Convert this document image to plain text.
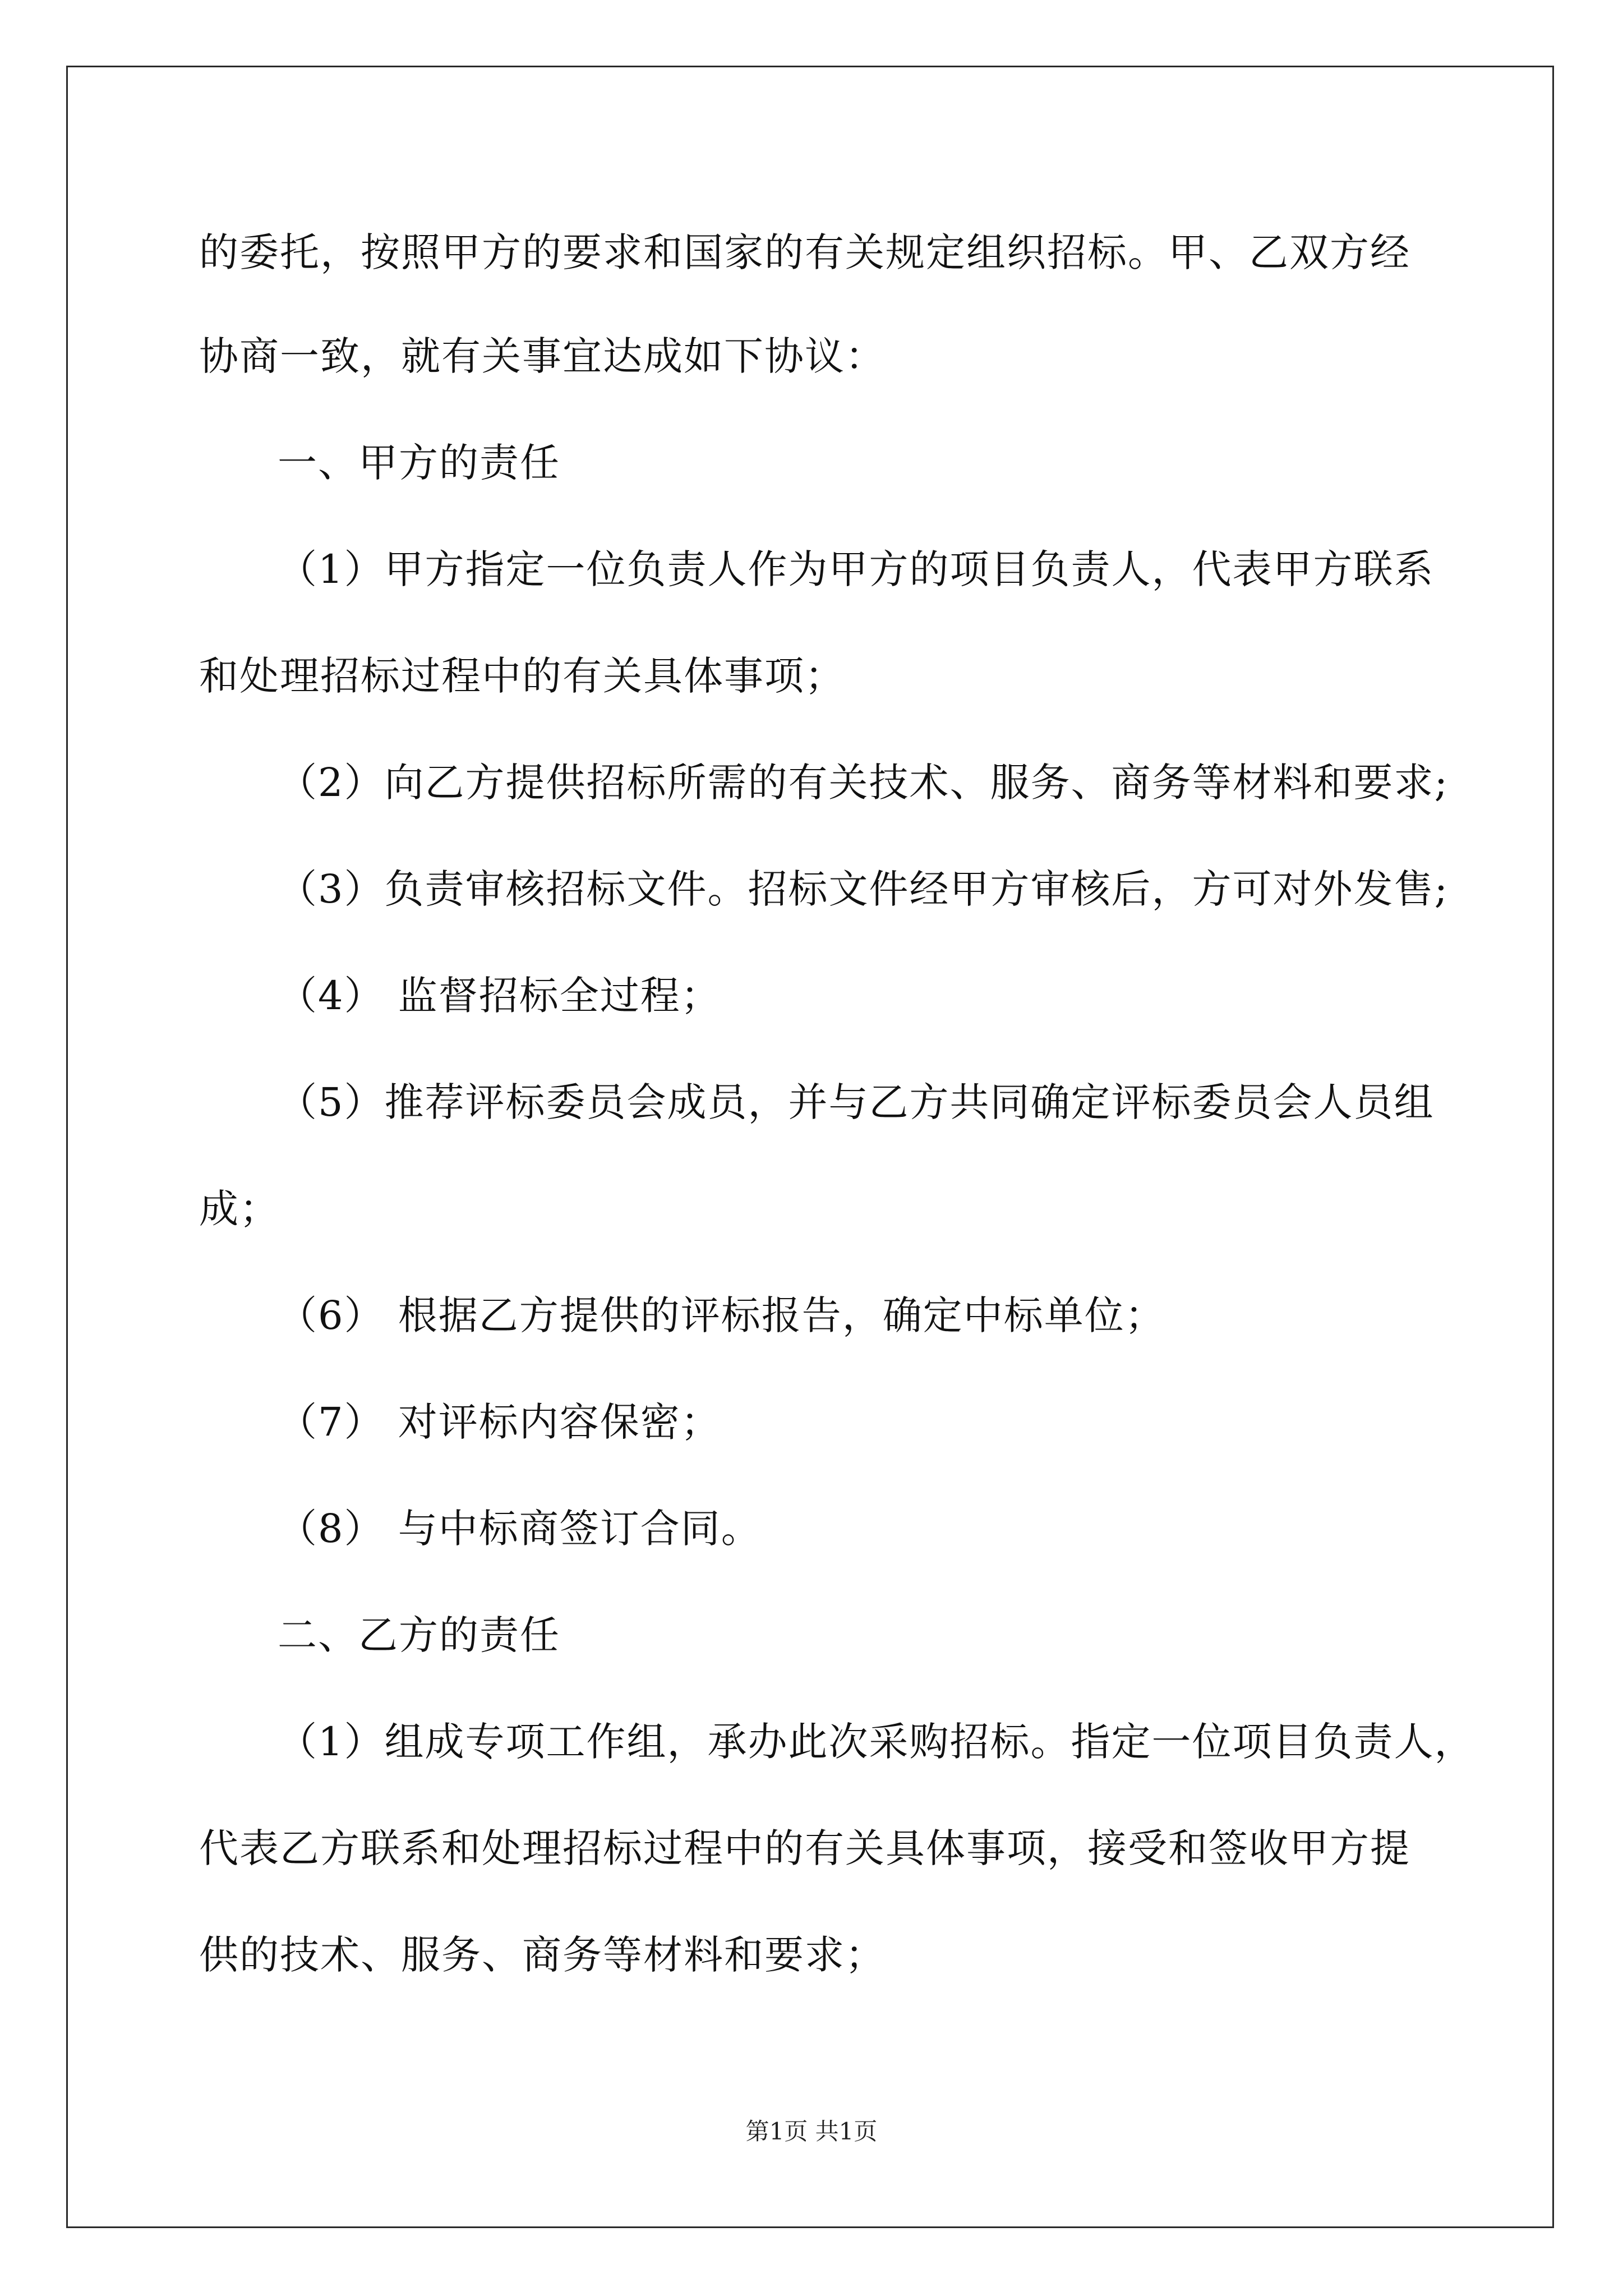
的委托，按照甲方的要求和国家的有关规定组织招标。甲、乙双方经
协商一致，就有关事宜达成如下协议：
一、甲方的责任
（1）甲方指定一位负责人作为甲方的项目负责人，代表甲方联系
和处理招标过程中的有关具体事项；
（2）向乙方提供招标所需的有关技术、服务、商务等材料和要求;
（3）负责审核招标文件。招标文件经甲方审核后，方可对外发售;
（4） 监督招标全过程；
（5）推荐评标委员会成员，并与乙方共同确定评标委员会人员组
成；
（6） 根据乙方提供的评标报告，确定中标单位；
（7） 对评标内容保密；
（8） 与中标商签订合同。
二、乙方的责任
（1）组成专项工作组，承办此次采购招标。指定一位项目负责人，
代表乙方联系和处理招标过程中的有关具体事项，接受和签收甲方提
供的技术、服务、商务等材料和要求；
第1页 共1页
